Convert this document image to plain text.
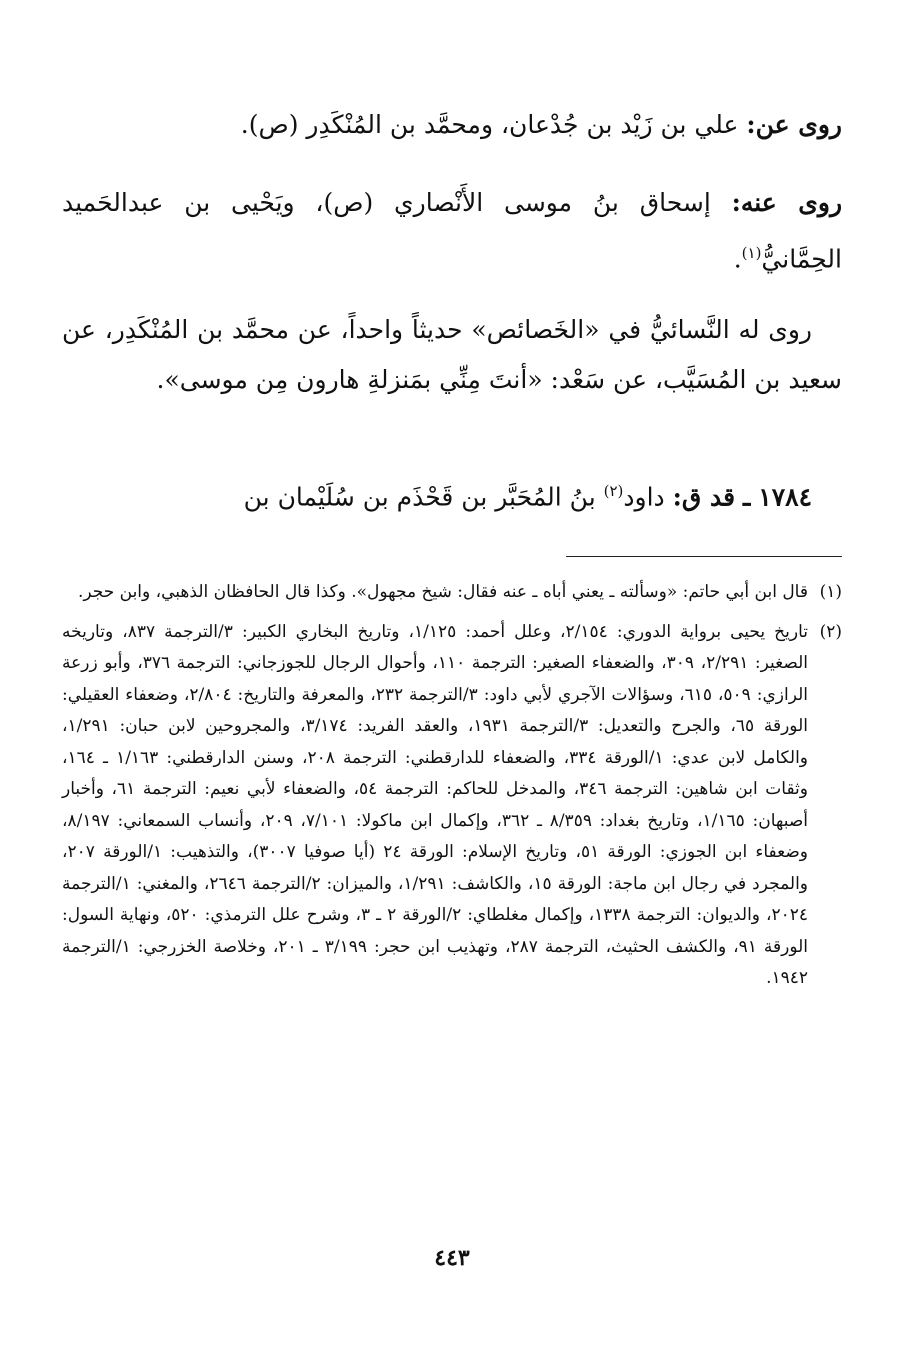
روى عن: علي بن زَيْد بن جُدْعان، ومحمَّد بن المُنْكَدِر (ص).

روى عنه: إسحاق بنُ موسى الأَنْصاري (ص)، ويَحْيى بن عبدالحَميد الحِمَّانيُّ$^{(١)}$.

روى له النَّسائيُّ في «الخَصائص» حديثاً واحداً، عن محمَّد بن المُنْكَدِر، عن سعيد بن المُسَيَّب، عن سَعْد: «أنتَ مِنِّي بمَنزلةِ هارون مِن موسى».

١٧٨٤ ـ قد ق: داود$^{(٢)}$ بنُ المُحَبَّر بن قَحْذَم بن سُلَيْمان بن

(١)
قال ابن أبي حاتم: «وسألته ـ يعني أباه ـ عنه فقال: شيخ مجهول». وكذا قال الحافظان الذهبي، وابن حجر.

(٢)
تاريخ يحيى برواية الدوري: ٢/١٥٤، وعلل أحمد: ١/١٢٥، وتاريخ البخاري الكبير: ٣/الترجمة ٨٣٧، وتاريخه الصغير: ٢/٢٩١، ٣٠٩، والضعفاء الصغير: الترجمة ١١٠، وأحوال الرجال للجوزجاني: الترجمة ٣٧٦، وأبو زرعة الرازي: ٥٠٩، ٦١٥، وسؤالات الآجري لأبي داود: ٣/الترجمة ٢٣٢، والمعرفة والتاريخ: ٢/٨٠٤، وضعفاء العقيلي: الورقة ٦٥، والجرح والتعديل: ٣/الترجمة ١٩٣١، والعقد الفريد: ٣/١٧٤، والمجروحين لابن حبان: ١/٢٩١، والكامل لابن عدي: ١/الورقة ٣٣٤، والضعفاء للدارقطني: الترجمة ٢٠٨، وسنن الدارقطني: ١/١٦٣ ـ ١٦٤، وثقات ابن شاهين: الترجمة ٣٤٦، والمدخل للحاكم: الترجمة ٥٤، والضعفاء لأبي نعيم: الترجمة ٦١، وأخبار أصبهان: ١/١٦٥، وتاريخ بغداد: ٨/٣٥٩ ـ ٣٦٢، وإكمال ابن ماكولا: ٧/١٠١، ٢٠٩، وأنساب السمعاني: ٨/١٩٧، وضعفاء ابن الجوزي: الورقة ٥١، وتاريخ الإسلام: الورقة ٢٤ (أيا صوفيا ٣٠٠٧)، والتذهيب: ١/الورقة ٢٠٧، والمجرد في رجال ابن ماجة: الورقة ١٥، والكاشف: ١/٢٩١، والميزان: ٢/الترجمة ٢٦٤٦، والمغني: ١/الترجمة ٢٠٢٤، والديوان: الترجمة ١٣٣٨، وإكمال مغلطاي: ٢/الورقة ٢ ـ ٣، وشرح علل الترمذي: ٥٢٠، ونهاية السول: الورقة ٩١، والكشف الحثيث، الترجمة ٢٨٧، وتهذيب ابن حجر: ٣/١٩٩ ـ ٢٠١، وخلاصة الخزرجي: ١/الترجمة ١٩٤٢.

٤٤٣
